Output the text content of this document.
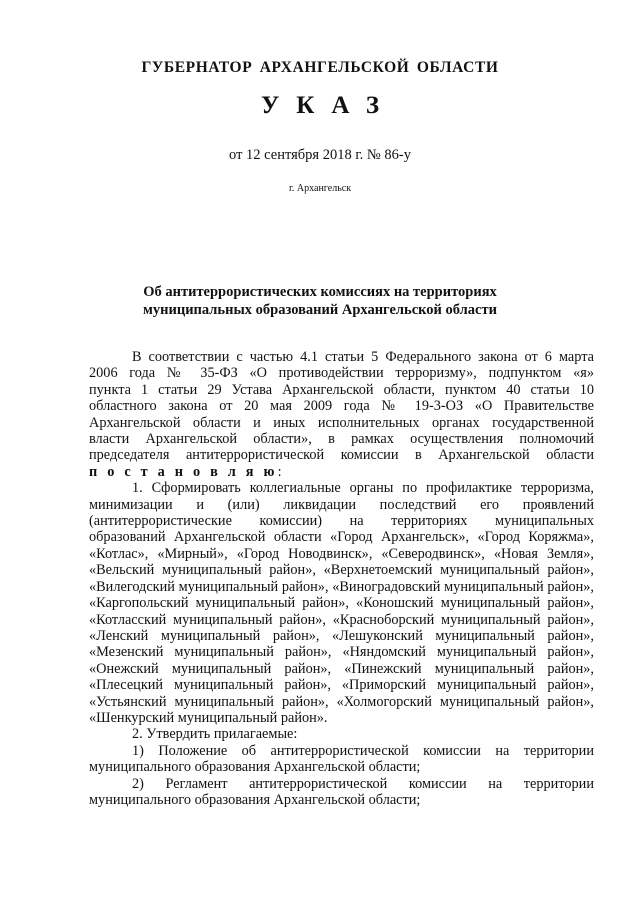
ГУБЕРНАТОР АРХАНГЕЛЬСКОЙ ОБЛАСТИ
УКАЗ
от 12 сентября 2018 г. № 86-у
г. Архангельск
Об антитеррористических комиссиях на территориях
муниципальных образований Архангельской области
В соответствии с частью 4.1 статьи 5 Федерального закона от 6 марта
2006 года № 35-ФЗ «О противодействии терроризму», подпунктом «я»
пункта 1 статьи 29 Устава Архангельской области, пунктом 40 статьи 10
областного закона от 20 мая 2009 года № 19-3-ОЗ «О Правительстве
Архангельской области и иных исполнительных органах государственной
власти Архангельской области», в рамках осуществления полномочий
председателя антитеррористической комиссии в Архангельской области
п о с т а н о в л я ю:
1. Сформировать коллегиальные органы по профилактике терроризма,
минимизации и (или) ликвидации последствий его проявлений
(антитеррористические комиссии) на территориях муниципальных
образований Архангельской области «Город Архангельск», «Город Коряжма»,
«Котлас», «Мирный», «Город Новодвинск», «Северодвинск», «Новая Земля»,
«Вельский муниципальный район», «Верхнетоемский муниципальный район»,
«Вилегодский муниципальный район», «Виноградовский муниципальный район»,
«Каргопольский муниципальный район», «Коношский муниципальный район»,
«Котласский муниципальный район», «Красноборский муниципальный район»,
«Ленский муниципальный район», «Лешуконский муниципальный район»,
«Мезенский муниципальный район», «Няндомский муниципальный район»,
«Онежский муниципальный район», «Пинежский муниципальный район»,
«Плесецкий муниципальный район», «Приморский муниципальный район»,
«Устьянский муниципальный район», «Холмогорский муниципальный район»,
«Шенкурский муниципальный район».
2. Утвердить прилагаемые:
1) Положение об антитеррористической комиссии на территории
муниципального образования Архангельской области;
2) Регламент антитеррористической комиссии на территории
муниципального образования Архангельской области;
